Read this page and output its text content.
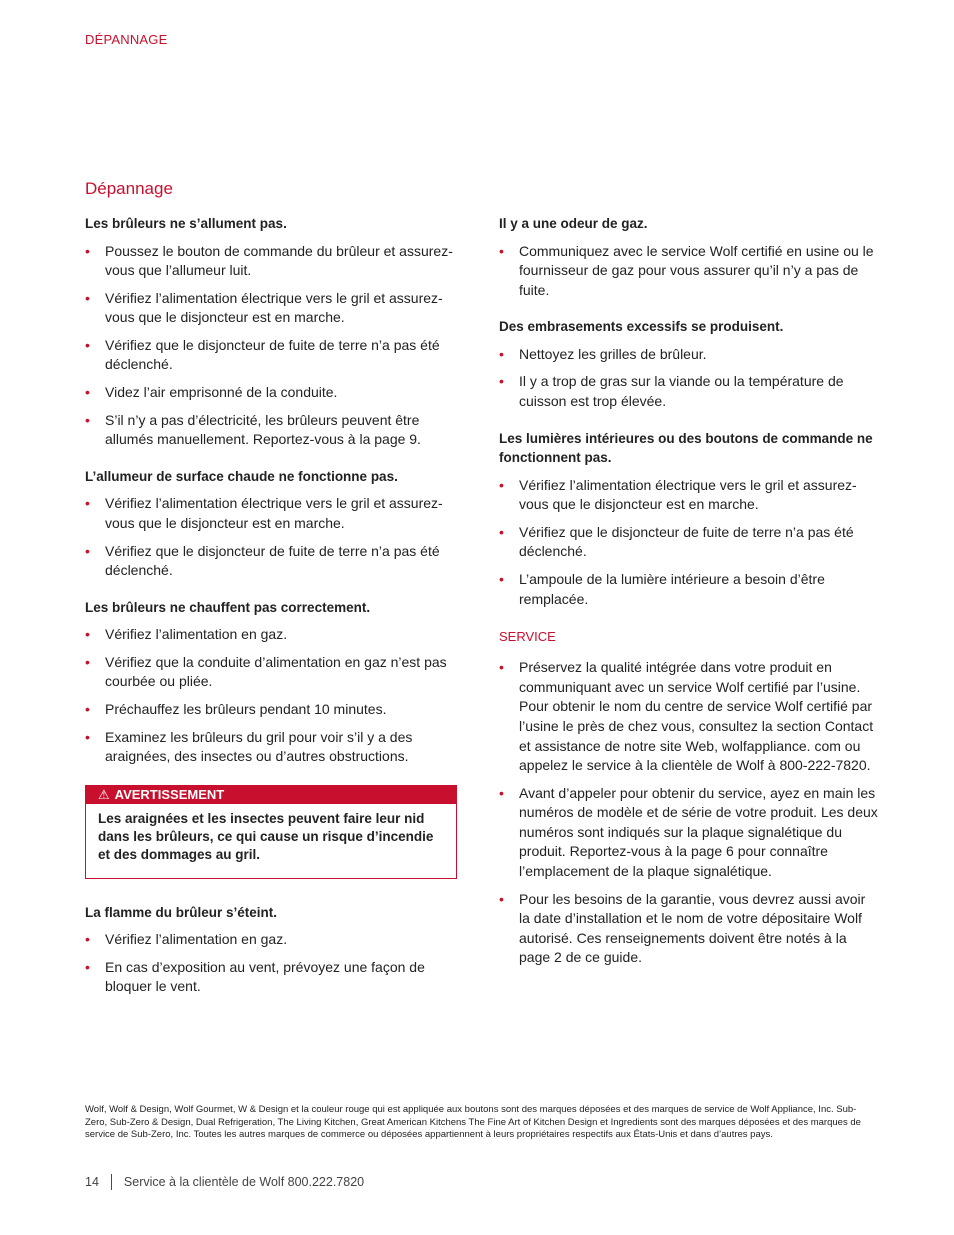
DÉPANNAGE
Dépannage
Les brûleurs ne s’allument pas.
• Poussez le bouton de commande du brûleur et assurez-vous que l’allumeur luit.
• Vérifiez l’alimentation électrique vers le gril et assurez-vous que le disjoncteur est en marche.
• Vérifiez que le disjoncteur de fuite de terre n’a pas été déclenché.
• Videz l’air emprisonné de la conduite.
• S’il n’y a pas d’électricité, les brûleurs peuvent être allumés manuellement. Reportez-vous à la page 9.
L’allumeur de surface chaude ne fonctionne pas.
• Vérifiez l’alimentation électrique vers le gril et assurez-vous que le disjoncteur est en marche.
• Vérifiez que le disjoncteur de fuite de terre n’a pas été déclenché.
Les brûleurs ne chauffent pas correctement.
• Vérifiez l’alimentation en gaz.
• Vérifiez que la conduite d’alimentation en gaz n’est pas courbée ou pliée.
• Préchauffez les brûleurs pendant 10 minutes.
• Examinez les brûleurs du gril pour voir s’il y a des araignées, des insectes ou d’autres obstructions.
⚠ AVERTISSEMENT
Les araignées et les insectes peuvent faire leur nid dans les brûleurs, ce qui cause un risque d’incendie et des dommages au gril.
La flamme du brûleur s’éteint.
• Vérifiez l’alimentation en gaz.
• En cas d’exposition au vent, prévoyez une façon de bloquer le vent.
Il y a une odeur de gaz.
• Communiquez avec le service Wolf certifié en usine ou le fournisseur de gaz pour vous assurer qu’il n’y a pas de fuite.
Des embrasements excessifs se produisent.
• Nettoyez les grilles de brûleur.
• Il y a trop de gras sur la viande ou la température de cuisson est trop élevée.
Les lumières intérieures ou des boutons de commande ne fonctionnent pas.
• Vérifiez l’alimentation électrique vers le gril et assurez-vous que le disjoncteur est en marche.
• Vérifiez que le disjoncteur de fuite de terre n’a pas été déclenché.
• L’ampoule de la lumière intérieure a besoin d’être remplacée.
SERVICE
• Préservez la qualité intégrée dans votre produit en communiquant avec un service Wolf certifié par l’usine. Pour obtenir le nom du centre de service Wolf certifié par l’usine le près de chez vous, consultez la section Contact et assistance de notre site Web, wolfappliance. com ou appelez le service à la clientèle de Wolf à 800-222-7820.
• Avant d’appeler pour obtenir du service, ayez en main les numéros de modèle et de série de votre produit. Les deux numéros sont indiqués sur la plaque signalétique du produit. Reportez-vous à la page 6 pour connaître l’emplacement de la plaque signalétique.
• Pour les besoins de la garantie, vous devrez aussi avoir la date d’installation et le nom de votre dépositaire Wolf autorisé. Ces renseignements doivent être notés à la page 2 de ce guide.
Wolf, Wolf & Design, Wolf Gourmet, W & Design et la couleur rouge qui est appliquée aux boutons sont des marques déposées et des marques de service de Wolf Appliance, Inc. Sub-Zero, Sub-Zero & Design, Dual Refrigeration, The Living Kitchen, Great American Kitchens The Fine Art of Kitchen Design et Ingredients sont des marques déposées et des marques de service de Sub-Zero, Inc. Toutes les autres marques de commerce ou déposées appartiennent à leurs propriétaires respectifs aux États-Unis et dans d’autres pays.
14 Service à la clientèle de Wolf 800.222.7820
